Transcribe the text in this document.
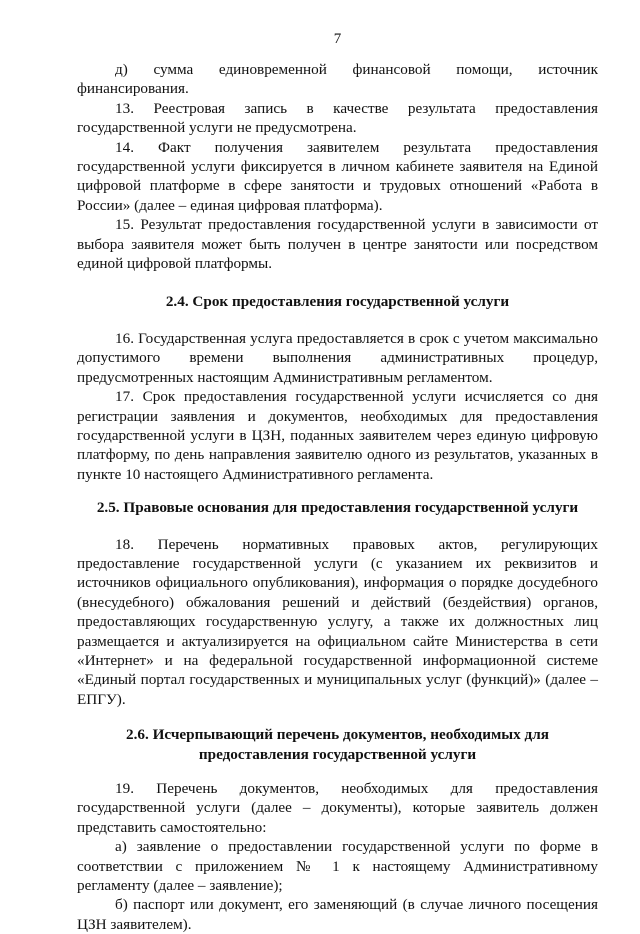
7

д) сумма единовременной финансовой помощи, источник

финансирования.

13. Реестровая запись в качестве результата предоставления

государственной услуги не предусмотрена.

14. Факт получения заявителем результата предоставления

государственной услуги фиксируется в личном кабинете заявителя на Единой цифровой платформе в сфере занятости и трудовых отношений «Работа в России» (далее – единая цифровая платформа).

15. Результат предоставления государственной услуги в зависимости от выбора заявителя может быть получен в центре занятости или посредством единой цифровой платформы.

2.4. Срок предоставления государственной услуги

16. Государственная услуга предоставляется в срок с учетом максимально

допустимого времени выполнения административных процедур,

предусмотренных настоящим Административным регламентом.

17. Срок предоставления государственной услуги исчисляется со дня регистрации заявления и документов, необходимых для предоставления государственной услуги в ЦЗН, поданных заявителем через единую цифровую платформу, по день направления заявителю одного из результатов, указанных в пункте 10 настоящего Административного регламента.

2.5. Правовые основания для предоставления государственной услуги

18. Перечень нормативных правовых актов, регулирующих

предоставление государственной услуги (с указанием их реквизитов и источников официального опубликования), информация о порядке досудебного (внесудебного) обжалования решений и действий (бездействия) органов, предоставляющих государственную услугу, а также их должностных лиц размещается и актуализируется на официальном сайте Министерства в сети «Интернет» и на федеральной государственной информационной системе «Единый портал государственных и муниципальных услуг (функций)» (далее – ЕПГУ).

2.6. Исчерпывающий перечень документов, необходимых для
предоставления государственной услуги

19. Перечень документов, необходимых для предоставления

государственной услуги (далее – документы), которые заявитель должен представить самостоятельно:

а) заявление о предоставлении государственной услуги по форме в соответствии с приложением № 1 к настоящему Административному регламенту (далее – заявление);

б) паспорт или документ, его заменяющий (в случае личного посещения ЦЗН заявителем).
